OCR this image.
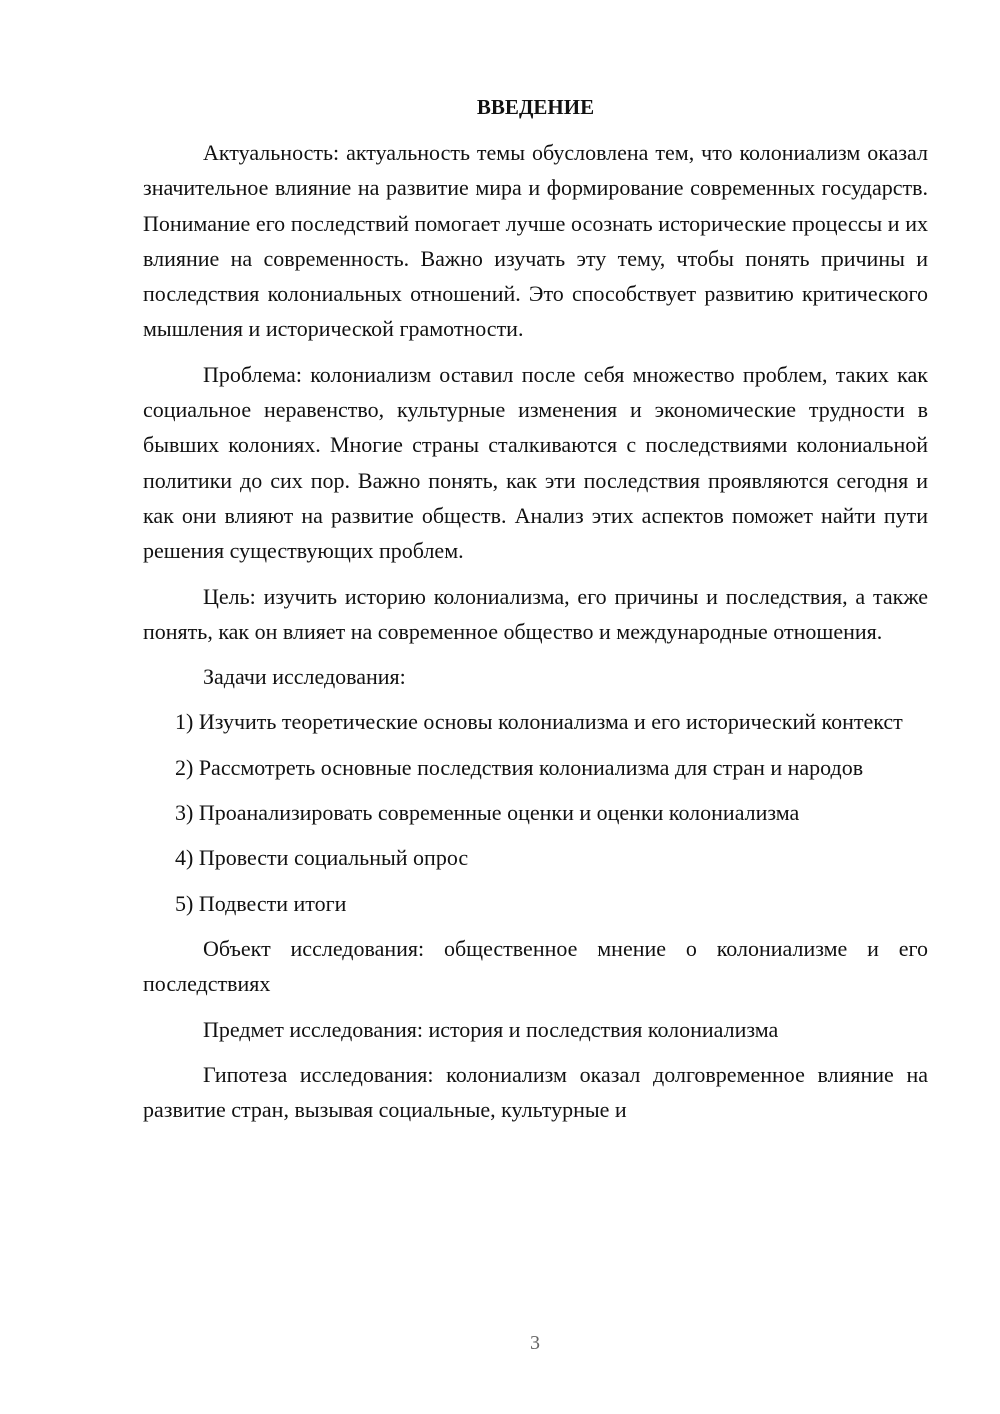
ВВЕДЕНИЕ

Актуальность: актуальность темы обусловлена тем, что колониализм оказал значительное влияние на развитие мира и формирование современных государств. Понимание его последствий помогает лучше осознать исторические процессы и их влияние на современность. Важно изучать эту тему, чтобы понять причины и последствия колониальных отношений. Это способствует развитию критического мышления и исторической грамотности.

Проблема: колониализм оставил после себя множество проблем, таких как социальное неравенство, культурные изменения и экономические трудности в бывших колониях. Многие страны сталкиваются с последствиями колониальной политики до сих пор. Важно понять, как эти последствия проявляются сегодня и как они влияют на развитие обществ. Анализ этих аспектов поможет найти пути решения существующих проблем.

Цель: изучить историю колониализма, его причины и последствия, а также понять, как он влияет на современное общество и международные отношения.

Задачи исследования:

1) Изучить теоретические основы колониализма и его исторический контекст

2) Рассмотреть основные последствия колониализма для стран и народов

3) Проанализировать современные оценки и оценки колониализма

4) Провести социальный опрос

5) Подвести итоги

Объект исследования: общественное мнение о колониализме и его последствиях

Предмет исследования: история и последствия колониализма

Гипотеза исследования: колониализм оказал долговременное влияние на развитие стран, вызывая социальные, культурные и

3
